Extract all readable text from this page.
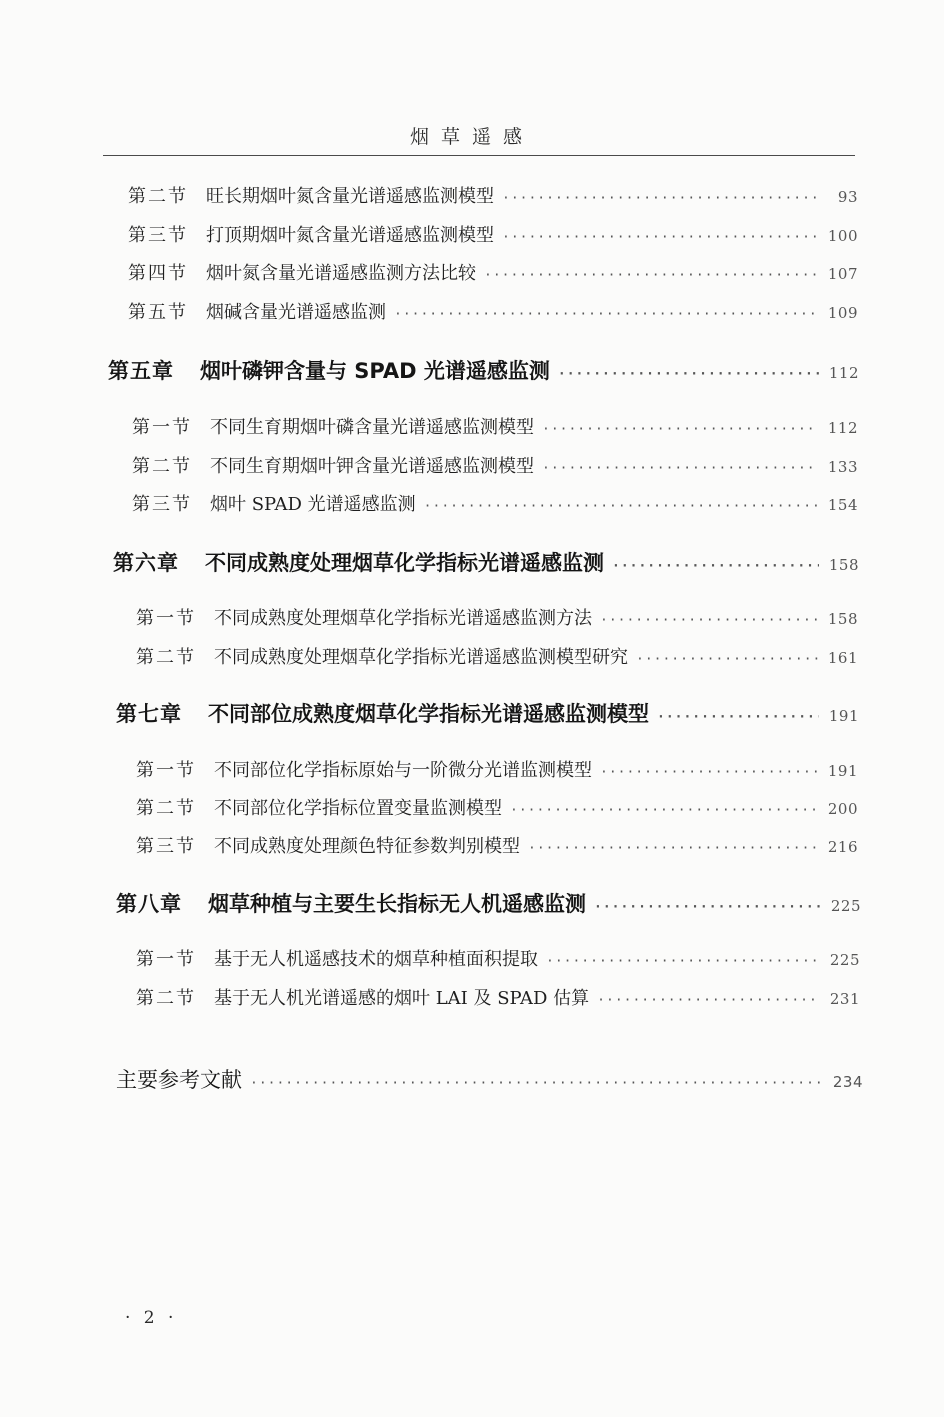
烟草遥感
第二节 旺长期烟叶氮含量光谱遥感监测模型 ·····	93
第三节 打顶期烟叶氮含量光谱遥感监测模型 ·····	100
第四节 烟叶氮含量光谱遥感监测方法比较 ·····	107
第五节 烟碱含量光谱遥感监测 ·····	109
第五章 烟叶磷钾含量与 SPAD 光谱遥感监测 ·····	112
第一节 不同生育期烟叶磷含量光谱遥感监测模型 ·····	112
第二节 不同生育期烟叶钾含量光谱遥感监测模型 ·····	133
第三节 烟叶 SPAD 光谱遥感监测 ·····	154
第六章 不同成熟度处理烟草化学指标光谱遥感监测 ·····	158
第一节 不同成熟度处理烟草化学指标光谱遥感监测方法 ·····	158
第二节 不同成熟度处理烟草化学指标光谱遥感监测模型研究 ·····	161
第七章 不同部位成熟度烟草化学指标光谱遥感监测模型 ·····	191
第一节 不同部位化学指标原始与一阶微分光谱监测模型 ·····	191
第二节 不同部位化学指标位置变量监测模型 ·····	200
第三节 不同成熟度处理颜色特征参数判别模型 ·····	216
第八章 烟草种植与主要生长指标无人机遥感监测 ·····	225
第一节 基于无人机遥感技术的烟草种植面积提取 ·····	225
第二节 基于无人机光谱遥感的烟叶 LAI 及 SPAD 估算 ·····	231
主要参考文献 ·····	234
· 2 ·
